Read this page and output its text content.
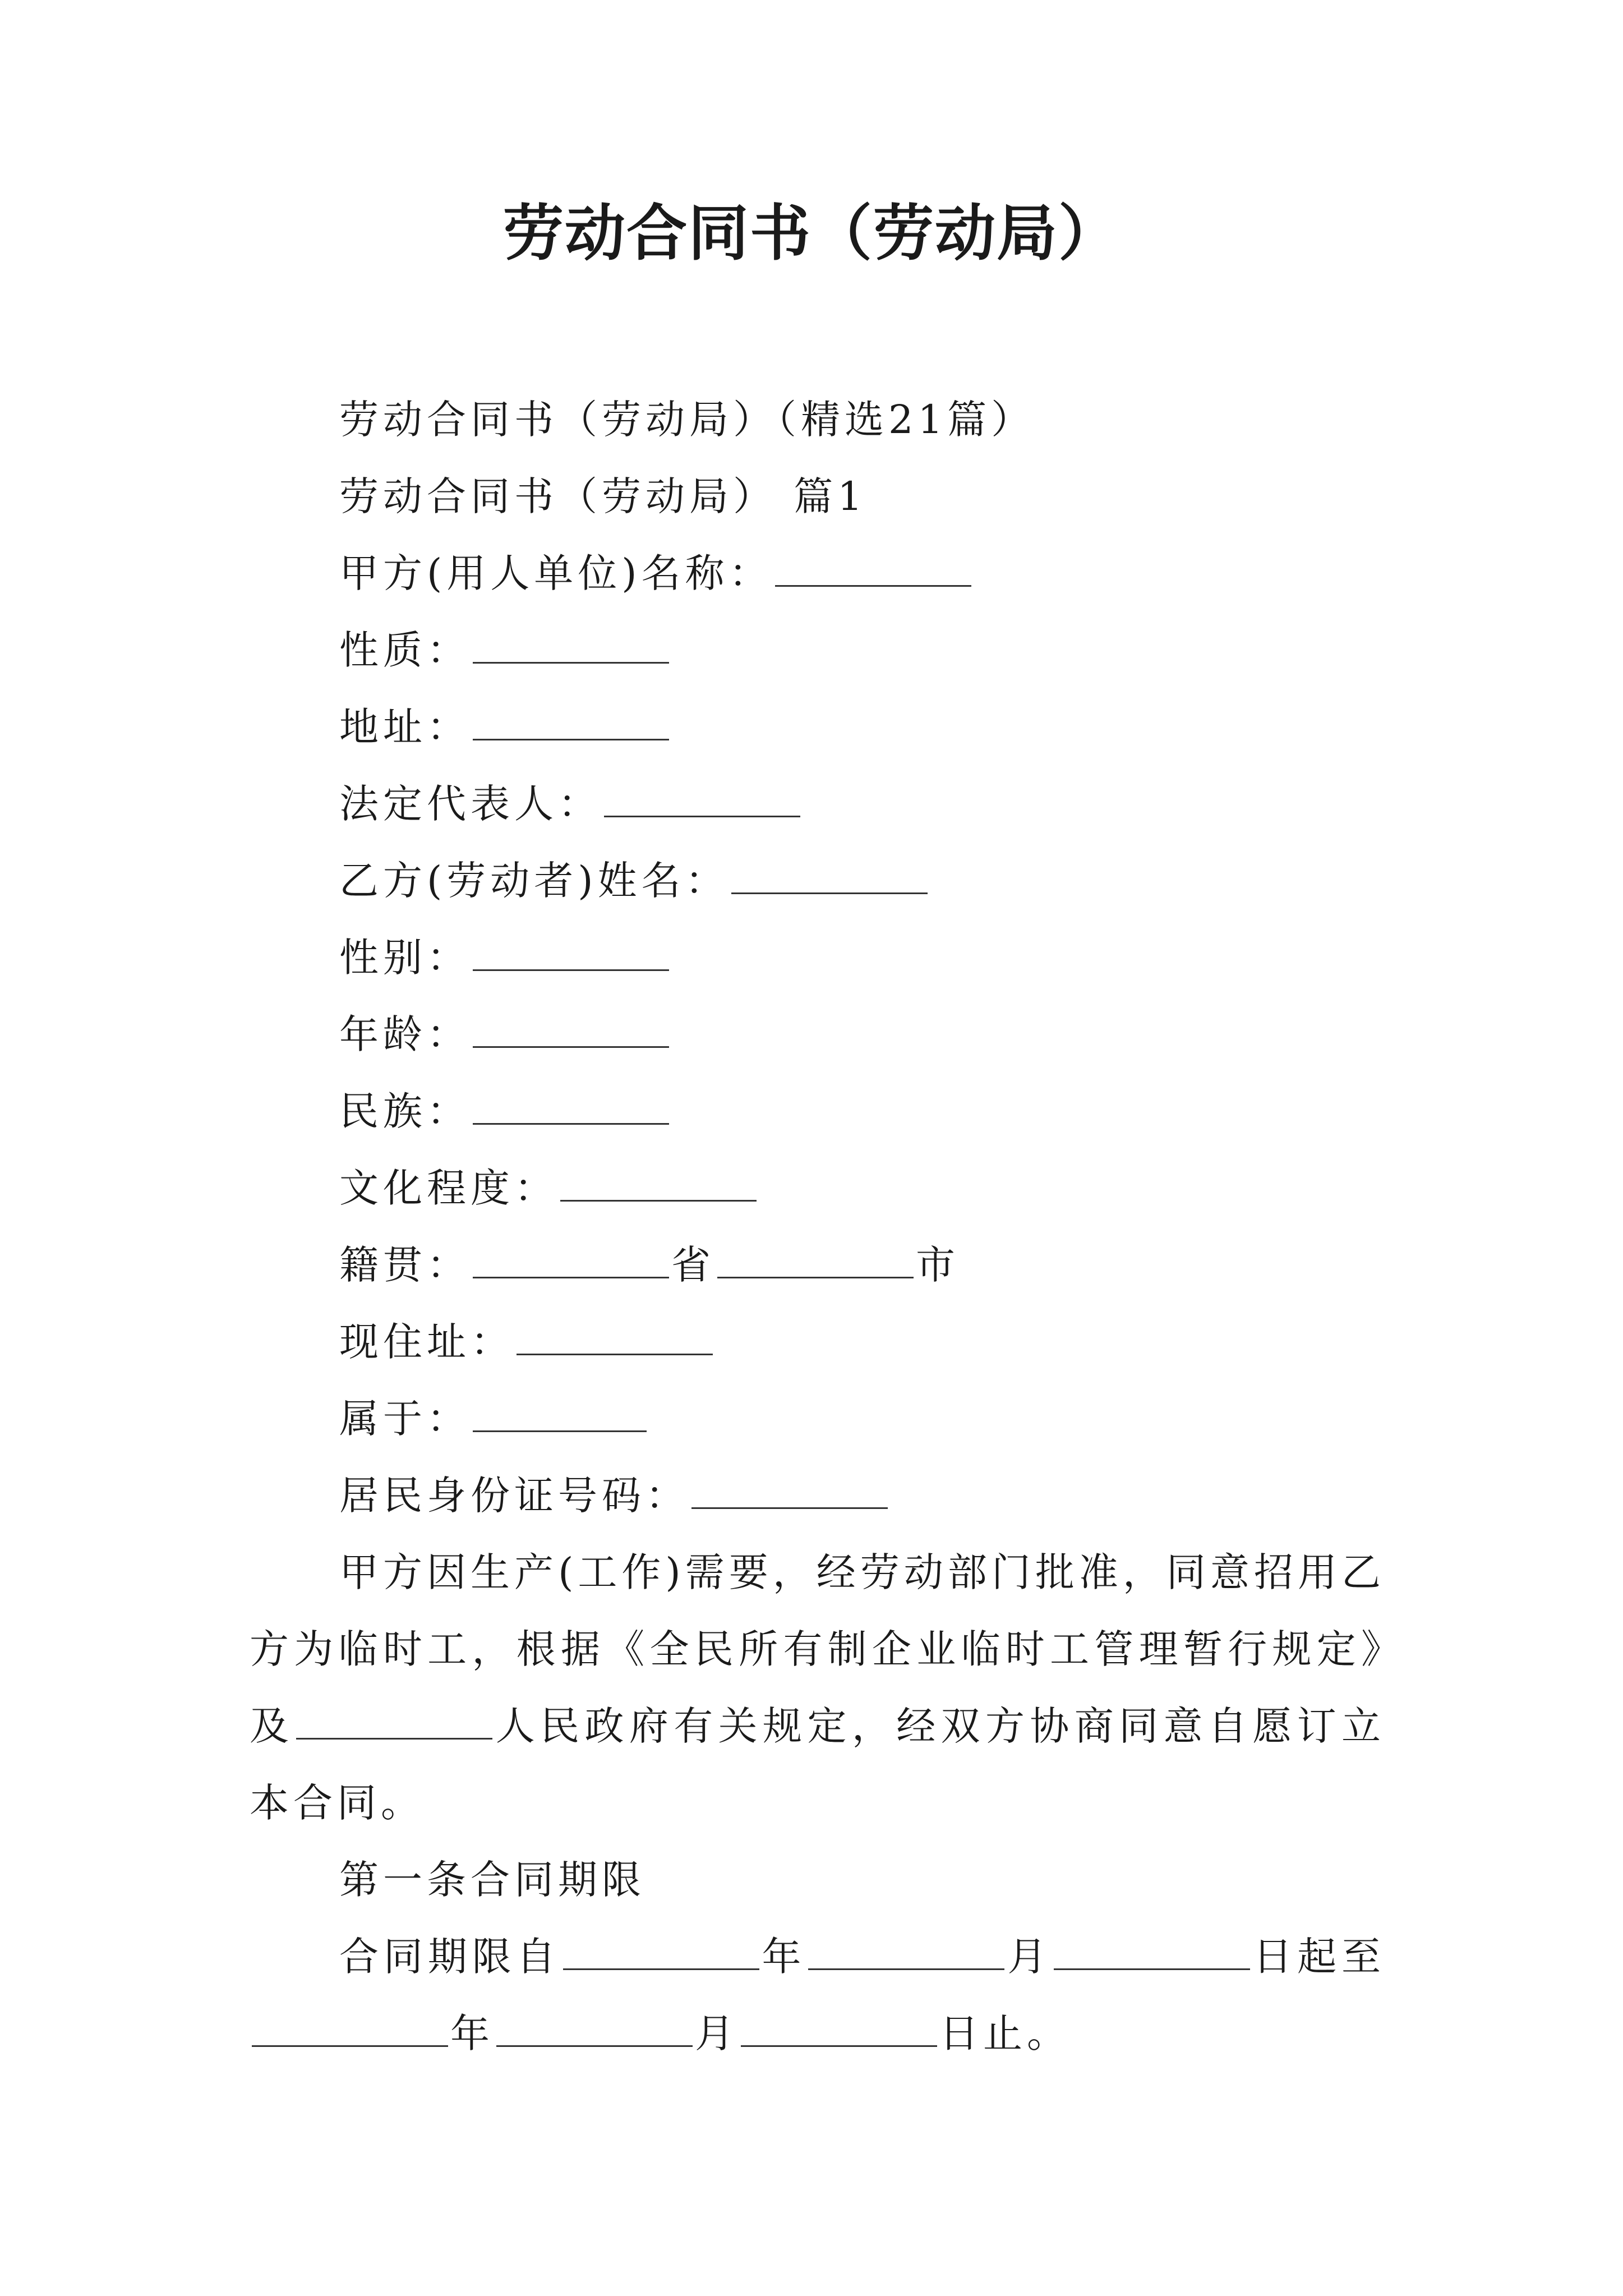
劳动合同书（劳动局）
劳动合同书（劳动局）（精选21篇）
劳动合同书（劳动局） 篇1
甲方(用人单位)名称：
性质：
地址：
法定代表人：
乙方(劳动者)姓名：
性别：
年龄：
民族：
文化程度：
籍贯：	省	市
现住址：
属于：
居民身份证号码：
甲方因生产(工作)需要，经劳动部门批准，同意招用乙方为临时工，根据《全民所有制企业临时工管理暂行规定》及	人民政府有关规定，经双方协商同意自愿订立本合同。
第一条合同期限
合同期限自	年	月	日起至年	月	日止。
